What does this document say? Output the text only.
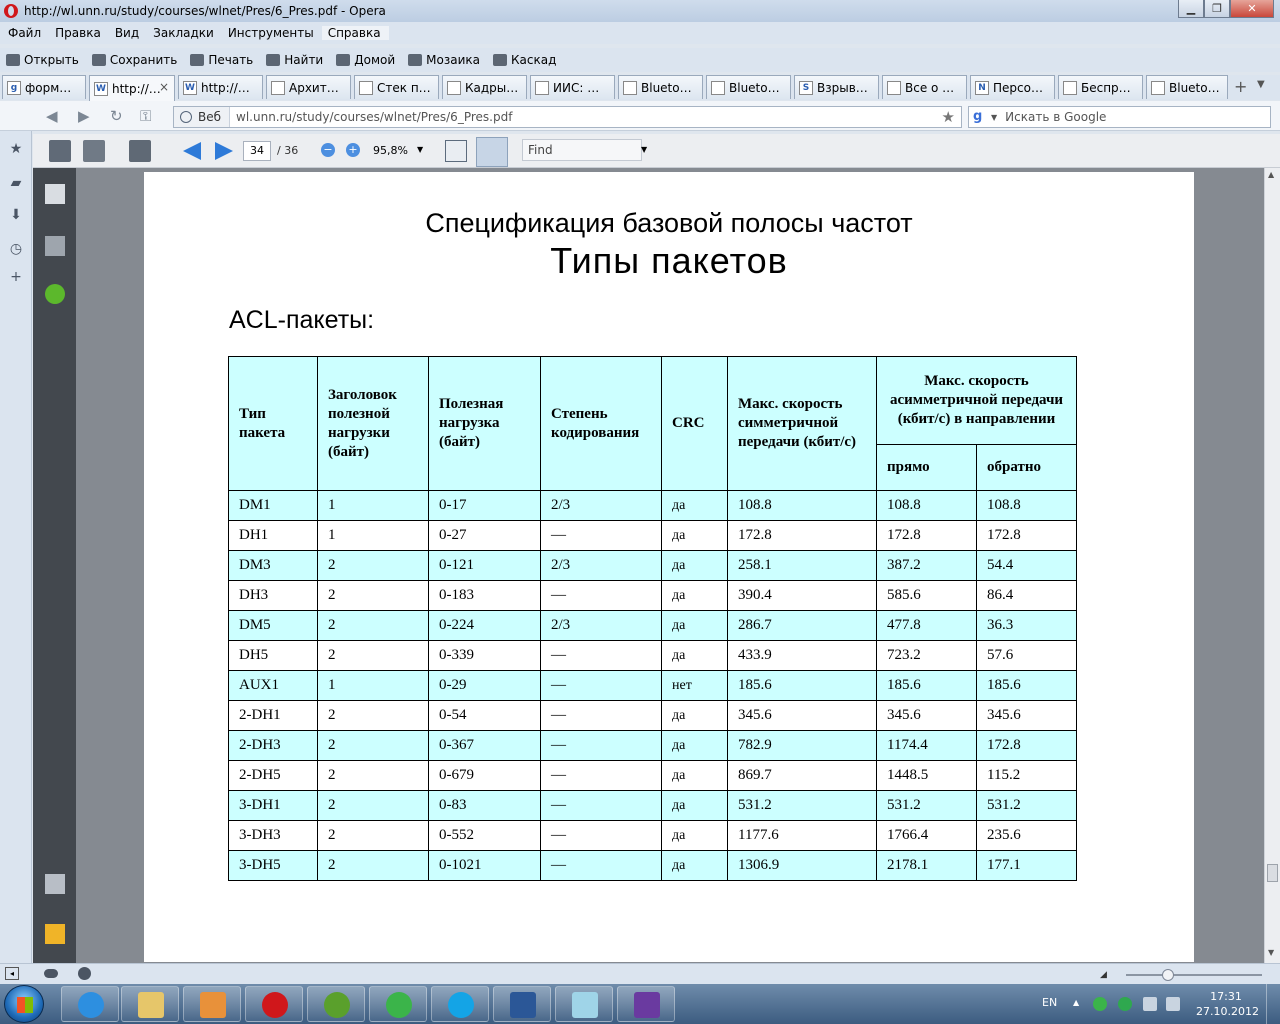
http://wl.unn.ru/study/courses/wlnet/Pres/6_Pres.pdf - Opera	▁	❐	✕
Файл	Правка	Вид	Закладки	Инструменты	Справка
Открыть	Сохранить	Печать	Найти	Домой	Мозаика	Каскад
g форм…	W http://…
× W http://…	Архит…	Стек п…	Кадры…	ИИС: …	Blueto…	Blueto…	S Взрыв…	Все о …	N Персо…	Беспр…	Blueto… + ▼
◀ ▶ ↻ ⚿	Веб	wl.unn.ru/study/courses/wlnet/Pres/6_Pres.pdf	★ g	▼ Искать в Google
★
▰
⬇
◷
+
34	/ 36 − +	95,8%	▼	Find	▼
Спецификация базовой полосы частот
Типы пакетов
ACL-пакеты:
Тип пакета	Заголовок полезной нагрузки (байт)	Полезная нагрузка (байт)	Степень кодирования	CRC	Макс. скорость симметричной передачи (кбит/с)	Макс. скорость асимметричной передачи (кбит/с) в направлении	
						прямо	обратно
DM1	1	0-17	2/3	да	108.8	108.8	108.8
DH1	1	0-27	—	да	172.8	172.8	172.8
DM3	2	0-121	2/3	да	258.1	387.2	54.4
DH3	2	0-183	—	да	390.4	585.6	86.4
DM5	2	0-224	2/3	да	286.7	477.8	36.3
DH5	2	0-339	—	да	433.9	723.2	57.6
AUX1	1	0-29	—	нет	185.6	185.6	185.6
2-DH1	2	0-54	—	да	345.6	345.6	345.6
2-DH3	2	0-367	—	да	782.9	1174.4	172.8
2-DH5	2	0-679	—	да	869.7	1448.5	115.2
3-DH1	2	0-83	—	да	531.2	531.2	531.2
3-DH3	2	0-552	—	да	1177.6	1766.4	235.6
3-DH5	2	0-1021	—	да	1306.9	2178.1	177.1
▲
▼
◂	◢
EN ▲	17:31
27.10.2012
